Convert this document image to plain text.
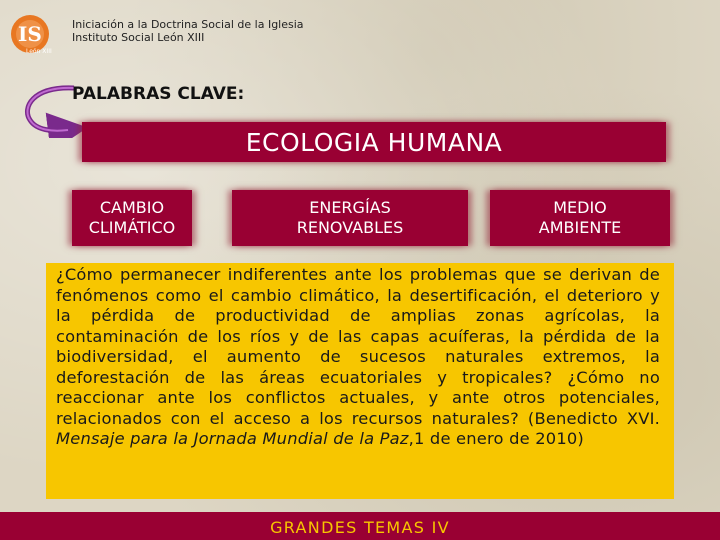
IS
León XIII
Iniciación a la Doctrina Social de la Iglesia
Instituto Social León XIII
PALABRAS CLAVE:
ECOLOGIA HUMANA
CAMBIO
CLIMÁTICO
ENERGÍAS
RENOVABLES
MEDIO
AMBIENTE
¿Cómo permanecer indiferentes ante los problemas que se derivan de fenómenos como el cambio climático, la desertificación, el deterioro y la pérdida de productividad de amplias zonas agrícolas, la contaminación de los ríos y de las capas acuíferas, la pérdida de la biodiversidad, el aumento de sucesos naturales extremos, la deforestación de las áreas ecuatoriales y tropicales? ¿Cómo no reaccionar ante los conflictos actuales, y ante otros potenciales, relacionados con el acceso a los recursos naturales? (Benedicto XVI. Mensaje para la Jornada Mundial de la Paz,1 de enero de 2010)
GRANDES TEMAS IV
